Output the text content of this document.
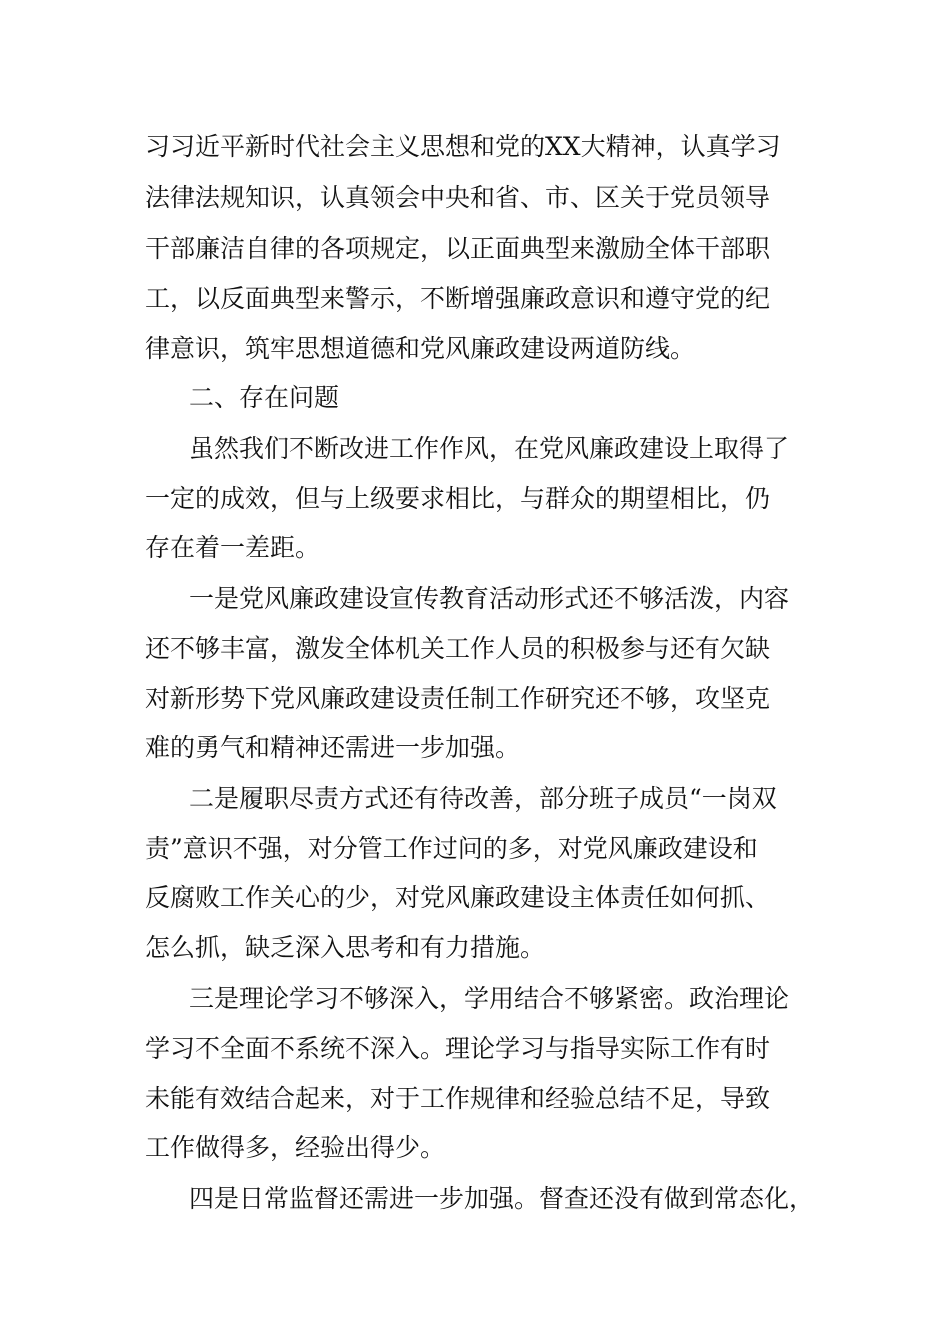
习习近平新时代社会主义思想和党的XX大精神，认真学习
法律法规知识，认真领会中央和省、市、区关于党员领导
干部廉洁自律的各项规定，以正面典型来激励全体干部职
工，以反面典型来警示，不断增强廉政意识和遵守党的纪
律意识，筑牢思想道德和党风廉政建设两道防线。
二、存在问题
虽然我们不断改进工作作风，在党风廉政建设上取得了
一定的成效，但与上级要求相比，与群众的期望相比，仍
存在着一差距。
一是党风廉政建设宣传教育活动形式还不够活泼，内容
还不够丰富，激发全体机关工作人员的积极参与还有欠缺
对新形势下党风廉政建设责任制工作研究还不够，攻坚克
难的勇气和精神还需进一步加强。
二是履职尽责方式还有待改善，部分班子成员“一岗双
责”意识不强，对分管工作过问的多，对党风廉政建设和
反腐败工作关心的少，对党风廉政建设主体责任如何抓、
怎么抓，缺乏深入思考和有力措施。
三是理论学习不够深入，学用结合不够紧密。政治理论
学习不全面不系统不深入。理论学习与指导实际工作有时
未能有效结合起来，对于工作规律和经验总结不足，导致
工作做得多，经验出得少。
四是日常监督还需进一步加强。督查还没有做到常态化，
